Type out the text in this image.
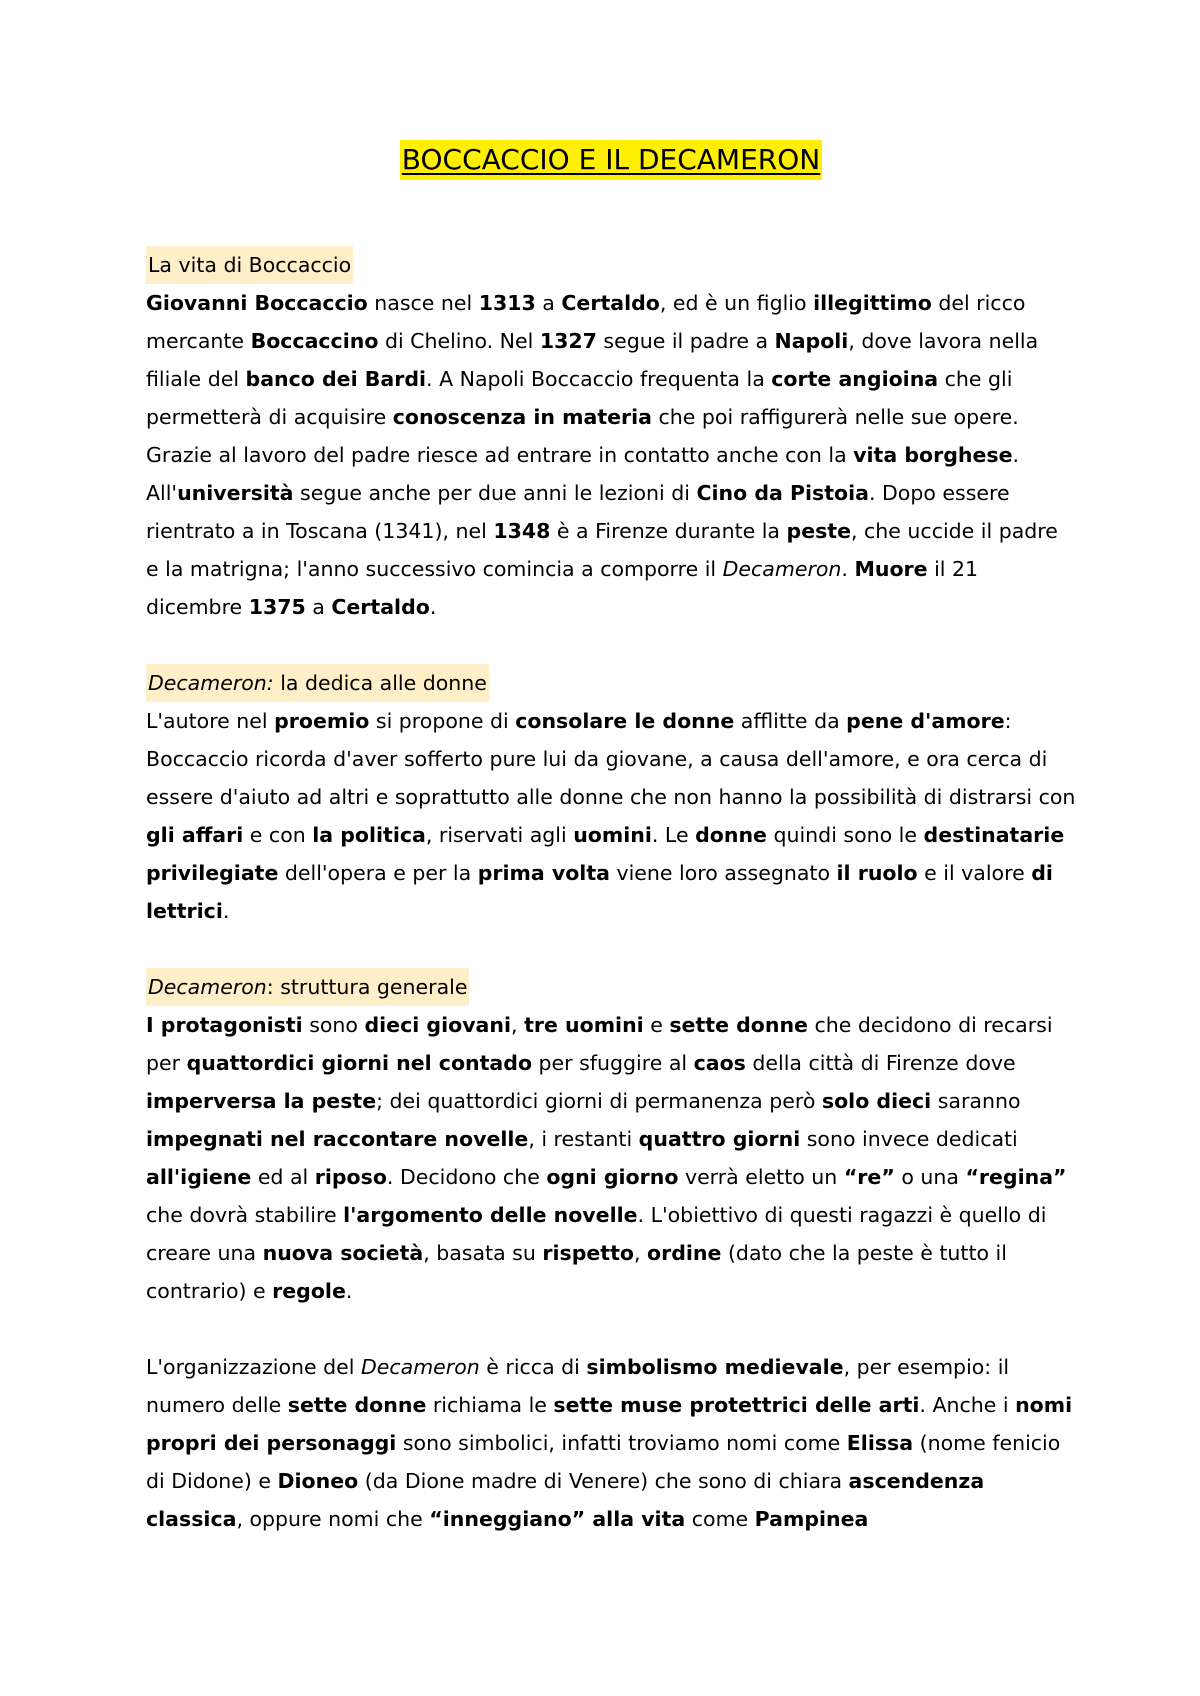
BOCCACCIO E IL DECAMERON
La vita di Boccaccio

Giovanni Boccaccio nasce nel 1313 a Certaldo, ed è un figlio illegittimo del ricco mercante Boccaccino di Chelino. Nel 1327 segue il padre a Napoli, dove lavora nella filiale del banco dei Bardi. A Napoli Boccaccio frequenta la corte angioina che gli permetterà di acquisire conoscenza in materia che poi raffigurerà nelle sue opere. Grazie al lavoro del padre riesce ad entrare in contatto anche con la vita borghese. All'università segue anche per due anni le lezioni di Cino da Pistoia. Dopo essere rientrato a in Toscana (1341), nel 1348 è a Firenze durante la peste, che uccide il padre e la matrigna; l'anno successivo comincia a comporre il Decameron. Muore il 21 dicembre 1375 a Certaldo.

Decameron: la dedica alle donne

L'autore nel proemio si propone di consolare le donne afflitte da pene d'amore: Boccaccio ricorda d'aver sofferto pure lui da giovane, a causa dell'amore, e ora cerca di essere d'aiuto ad altri e soprattutto alle donne che non hanno la possibilità di distrarsi con gli affari e con la politica, riservati agli uomini. Le donne quindi sono le destinatarie privilegiate dell'opera e per la prima volta viene loro assegnato il ruolo e il valore di lettrici.

Decameron: struttura generale

I protagonisti sono dieci giovani, tre uomini e sette donne che decidono di recarsi per quattordici giorni nel contado per sfuggire al caos della città di Firenze dove imperversa la peste; dei quattordici giorni di permanenza però solo dieci saranno impegnati nel raccontare novelle, i restanti quattro giorni sono invece dedicati all'igiene ed al riposo. Decidono che ogni giorno verrà eletto un “re” o una “regina” che dovrà stabilire l'argomento delle novelle. L'obiettivo di questi ragazzi è quello di creare una nuova società, basata su rispetto, ordine (dato che la peste è tutto il contrario) e regole.

L'organizzazione del Decameron è ricca di simbolismo medievale, per esempio: il numero delle sette donne richiama le sette muse protettrici delle arti. Anche i nomi propri dei personaggi sono simbolici, infatti troviamo nomi come Elissa (nome fenicio di Didone) e Dioneo (da Dione madre di Venere) che sono di chiara ascendenza classica, oppure nomi che “inneggiano” alla vita come Pampinea
